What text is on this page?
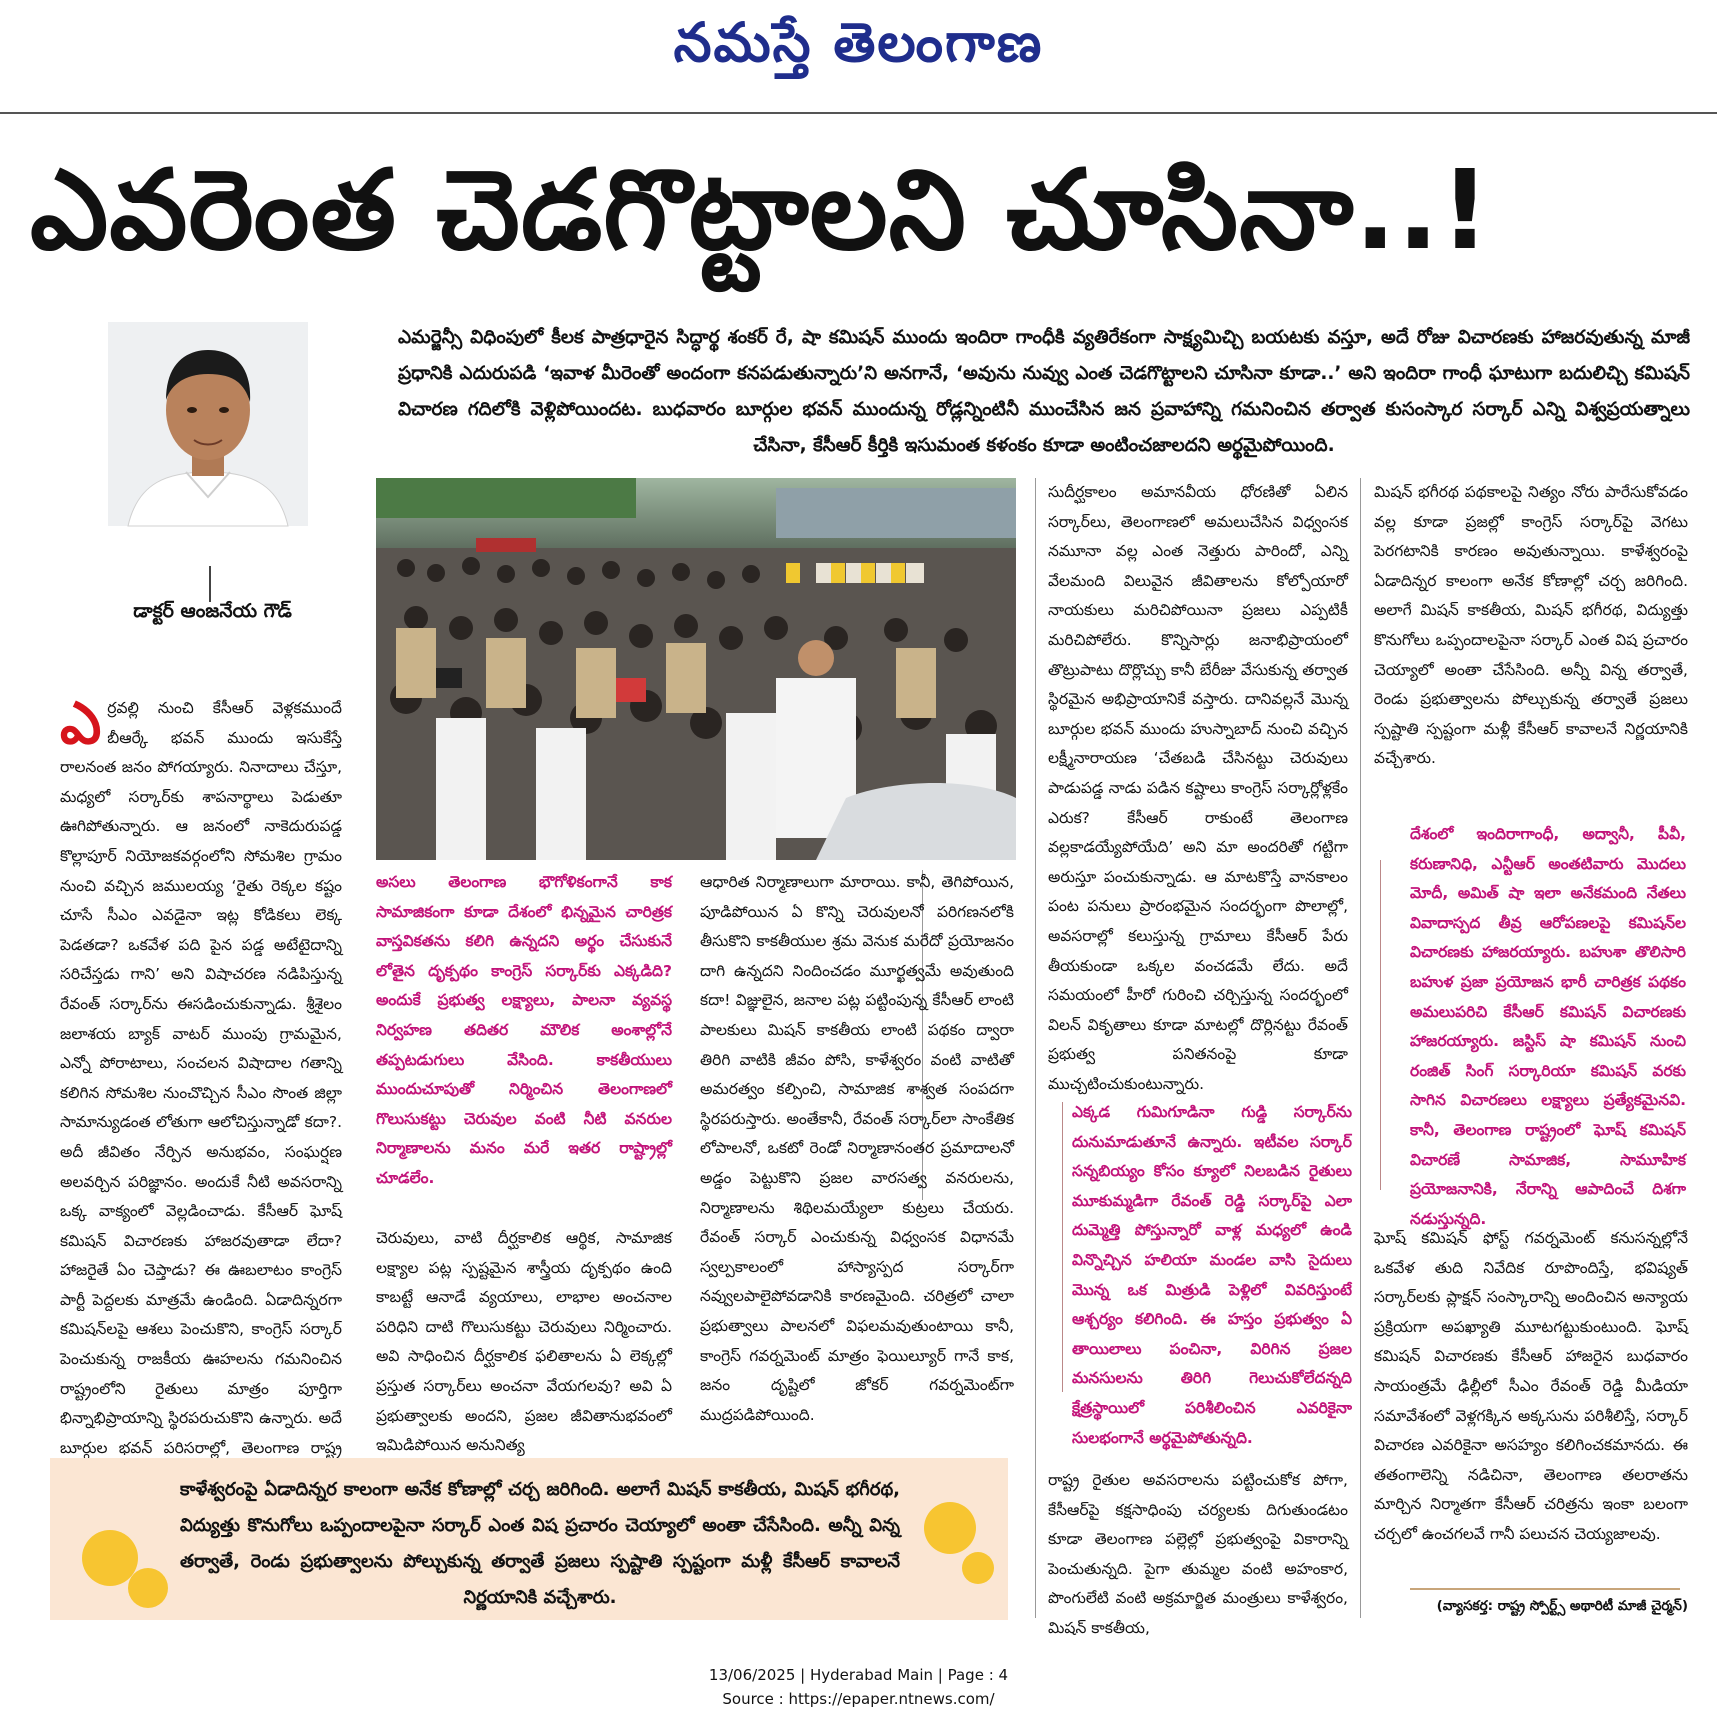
నమస్తే తెలంగాణ
ఎవరెంత చెడగొట్టాలని చూసినా..!
డాక్టర్ ఆంజనేయ గౌడ్
ఎమర్జెన్సీ విధింపులో కీలక పాత్రధారైన సిద్ధార్థ శంకర్ రే, షా కమిషన్ ముందు ఇందిరా గాంధీకి వ్యతిరేకంగా సాక్ష్యమిచ్చి బయటకు వస్తూ, అదే రోజు విచారణకు హాజరవుతున్న మాజీ ప్రధానికి ఎదురుపడి ‘ఇవాళ మీరెంతో అందంగా కనపడుతున్నారు’ని అనగానే, ‘అవును నువ్వు ఎంత చెడగొట్టాలని చూసినా కూడా..’ అని ఇందిరా గాంధీ ఘాటుగా బదులిచ్చి కమిషన్ విచారణ గదిలోకి వెళ్లిపోయిందట. బుధవారం బూర్గుల భవన్ ముందున్న రోడ్లన్నింటినీ ముంచేసిన జన ప్రవాహాన్ని గమనించిన తర్వాత కుసంస్కార సర్కార్ ఎన్ని విశ్వప్రయత్నాలు చేసినా, కేసీఆర్ కీర్తికి ఇసుమంత కళంకం కూడా అంటించజాలదని అర్థమైపోయింది.
ఎ ర్రవల్లి నుంచి కేసీఆర్ వెళ్లకముందే బీఆర్కే భవన్ ముందు ఇసుకేస్తే రాలనంత జనం పోగయ్యారు. నినాదాలు చేస్తూ, మధ్యలో సర్కార్‌కు శాపనార్థాలు పెడుతూ ఊగిపోతున్నారు. ఆ జనంలో నాకెదురుపడ్డ కొల్లాపూర్ నియోజకవర్గంలోని సోమశిల గ్రామం నుంచి వచ్చిన జములయ్య ‘రైతు రెక్కల కష్టం చూసే సీఎం ఎవడైనా ఇట్ల కోడికలు లెక్క పెడతడా? ఒకవేళ పది పైన పడ్డ అటేటైదాన్ని సరిచేస్తడు గాని’ అని విషాచరణ నడిపిస్తున్న రేవంత్ సర్కార్‌ను ఈసడించుకున్నాడు. శ్రీశైలం జలాశయ బ్యాక్ వాటర్ ముంపు గ్రామమైన, ఎన్నో పోరాటాలు, సంచలన విషాదాల గతాన్ని కలిగిన సోమశిల నుంచొచ్చిన సీఎం సొంత జిల్లా సామాన్యుడంత లోతుగా ఆలోచిస్తున్నాడో కదా?. అదీ జీవితం నేర్పిన అనుభవం, సంఘర్షణ అలవర్చిన పరిజ్ఞానం. అందుకే నీటి అవసరాన్ని ఒక్క వాక్యంలో వెల్లడించాడు. కేసీఆర్ ఘోష్ కమిషన్ విచారణకు హాజరవుతాడా లేదా? హాజరైతే ఏం చెప్తాడు? ఈ ఊబలాటం కాంగ్రెస్ పార్టీ పెద్దలకు మాత్రమే ఉండింది. ఏడాదిన్నరగా కమిషన్‌లపై ఆశలు పెంచుకొని, కాంగ్రెస్ సర్కార్ పెంచుకున్న రాజకీయ ఊహలను గమనించిన రాష్ట్రంలోని రైతులు మాత్రం పూర్తిగా భిన్నాభిప్రాయాన్ని స్థిరపరుచుకొని ఉన్నారు. అదే బూర్గుల భవన్ పరిసరాల్లో, తెలంగాణ రాష్ట్ర
అసలు తెలంగాణ భౌగోళికంగానే కాక సామాజికంగా కూడా దేశంలో భిన్నమైన చారిత్రక వాస్తవికతను కలిగి ఉన్నదని అర్థం చేసుకునే లోతైన దృక్పథం కాంగ్రెస్ సర్కార్‌కు ఎక్కడిది? అందుకే ప్రభుత్వ లక్ష్యాలు, పాలనా వ్యవస్థ నిర్వహణ తదితర మౌలిక అంశాల్లోనే తప్పటడుగులు వేసింది. కాకతీయులు ముందుచూపుతో నిర్మించిన తెలంగాణలో గొలుసుకట్టు చెరువుల వంటి నీటి వనరుల నిర్మాణాలను మనం మరే ఇతర రాష్ట్రాల్లో చూడలేం.
చెరువులు, వాటి దీర్ఘకాలిక ఆర్థిక, సామాజిక లక్ష్యాల పట్ల స్పష్టమైన శాస్త్రీయ దృక్పథం ఉంది కాబట్టే ఆనాడే వ్యయాలు, లాభాల అంచనాల పరిధిని దాటి గొలుసుకట్టు చెరువులు నిర్మించారు. అవి సాధించిన దీర్ఘకాలిక ఫలితాలను ఏ లెక్కల్లో ప్రస్తుత సర్కార్‌లు అంచనా వేయగలవు? అవి ఏ ప్రభుత్వాలకు అందని, ప్రజల జీవితానుభవంలో ఇమిడిపోయిన అనునిత్య
ఆధారిత నిర్మాణాలుగా మారాయి. కానీ, తెగిపోయిన, పూడిపోయిన ఏ కొన్ని చెరువులనో పరిగణనలోకి తీసుకొని కాకతీయుల శ్రమ వెనుక మరేదో ప్రయోజనం దాగి ఉన్నదని నిందించడం మూర్ఖత్వమే అవుతుంది కదా! విజ్ఞులైన, జనాల పట్ల పట్టింపున్న కేసీఆర్ లాంటి పాలకులు మిషన్ కాకతీయ లాంటి పథకం ద్వారా తిరిగి వాటికి జీవం పోసి, కాళేశ్వరం వంటి వాటితో అమరత్వం కల్పించి, సామాజిక శాశ్వత సంపదగా స్థిరపరుస్తారు. అంతేకానీ, రేవంత్ సర్కార్‌లా సాంకేతిక లోపాలనో, ఒకటో రెండో నిర్మాణానంతర ప్రమాదాలనో అడ్డం పెట్టుకొని ప్రజల వారసత్వ వనరులను, నిర్మాణాలను శిథిలమయ్యేలా కుట్రలు చేయరు. రేవంత్ సర్కార్ ఎంచుకున్న విధ్వంసక విధానమే స్వల్పకాలంలో హాస్యాస్పద సర్కార్‌గా నవ్వులపాలైపోవడానికి కారణమైంది. చరిత్రలో చాలా ప్రభుత్వాలు పాలనలో విఫలమవుతుంటాయి కానీ, కాంగ్రెస్ గవర్నమెంట్ మాత్రం ఫెయిల్యూర్ గానే కాక, జనం దృష్టిలో జోకర్ గవర్నమెంట్‌గా ముద్రపడిపోయింది.
సుదీర్ఘకాలం అమానవీయ ధోరణితో ఏలిన సర్కార్‌లు, తెలంగాణలో అమలుచేసిన విధ్వంసక నమూనా వల్ల ఎంత నెత్తురు పారిందో, ఎన్ని వేలమంది విలువైన జీవితాలను కోల్పోయారో నాయకులు మరిచిపోయినా ప్రజలు ఎప్పటికీ మరిచిపోలేరు. కొన్నిసార్లు జనాభిప్రాయంలో తొట్రుపాటు దొర్లొచ్చు కానీ బేరీజు వేసుకున్న తర్వాత స్థిరమైన అభిప్రాయానికే వస్తారు. దానివల్లనే మొన్న బూర్గుల భవన్ ముందు హుస్నాబాద్ నుంచి వచ్చిన లక్ష్మీనారాయణ ‘చేతబడి చేసినట్టు చెరువులు పాడుపడ్డ నాడు పడిన కష్టాలు కాంగ్రెస్ సర్కార్లోళ్లకేం ఎరుక? కేసీఆర్ రాకుంటే తెలంగాణ వల్లకాడయ్యేపోయేది’ అని మా అందరితో గట్టిగా అరుస్తూ పంచుకున్నాడు. ఆ మాటకొస్తే వానకాలం పంట పనులు ప్రారంభమైన సందర్భంగా పొలాల్లో, అవసరాల్లో కలుస్తున్న గ్రామాలు కేసీఆర్ పేరు తీయకుండా ఒక్కల వంచడమే లేదు. అదే సమయంలో హీరో గురించి చర్చిస్తున్న సందర్భంలో విలన్ వికృతాలు కూడా మాటల్లో దొర్లినట్టు రేవంత్ ప్రభుత్వ పనితనంపై కూడా ముచ్చటించుకుంటున్నారు.
ఎక్కడ గుమిగూడినా గుడ్డి సర్కార్‌ను దునుమాడుతూనే ఉన్నారు. ఇటీవల సర్కార్ సన్నబియ్యం కోసం క్యూలో నిలబడిన రైతులు మూకుమ్మడిగా రేవంత్ రెడ్డి సర్కార్‌పై ఎలా దుమ్మెత్తి పోస్తున్నారో వాళ్ల మధ్యలో ఉండి విన్నొచ్చిన హలియా మండల వాసి సైదులు మొన్న ఒక మిత్రుడి పెళ్లిలో వివరిస్తుంటే ఆశ్చర్యం కలిగింది. ఈ హస్తం ప్రభుత్వం ఏ తాయిలాలు పంచినా, విరిగిన ప్రజల మనసులను తిరిగి గెలుచుకోలేదన్నది క్షేత్రస్థాయిలో పరిశీలించిన ఎవరికైనా సులభంగానే అర్థమైపోతున్నది.
రాష్ట్ర రైతుల అవసరాలను పట్టించుకోక పోగా, కేసీఆర్‌పై కక్షసాధింపు చర్యలకు దిగుతుండటం కూడా తెలంగాణ పల్లెల్లో ప్రభుత్వంపై వికారాన్ని పెంచుతున్నది. పైగా తుమ్మల వంటి అహంకార, పొంగులేటి వంటి అక్రమార్జిత మంత్రులు కాళేశ్వరం, మిషన్ కాకతీయ,
మిషన్ భగీరథ పథకాలపై నిత్యం నోరు పారేసుకోవడం వల్ల కూడా ప్రజల్లో కాంగ్రెస్ సర్కార్‌పై వెగటు పెరగటానికి కారణం అవుతున్నాయి. కాళేశ్వరంపై ఏడాదిన్నర కాలంగా అనేక కోణాల్లో చర్చ జరిగింది. అలాగే మిషన్ కాకతీయ, మిషన్ భగీరథ, విద్యుత్తు కొనుగోలు ఒప్పందాలపైనా సర్కార్ ఎంత విష ప్రచారం చెయ్యాలో అంతా చేసేసింది. అన్నీ విన్న తర్వాతే, రెండు ప్రభుత్వాలను పోల్చుకున్న తర్వాతే ప్రజలు స్పష్టాతి స్పష్టంగా మళ్లీ కేసీఆర్ కావాలనే నిర్ణయానికి వచ్చేశారు.
దేశంలో ఇందిరాగాంధీ, అద్వానీ, పీవీ, కరుణానిధి, ఎన్టీఆర్ అంతటివారు మొదలు మోదీ, అమిత్ షా ఇలా అనేకమంది నేతలు వివాదాస్పద తీవ్ర ఆరోపణలపై కమిషన్‌ల విచారణకు హాజరయ్యారు. బహుశా తొలిసారి బహుళ ప్రజా ప్రయోజన భారీ చారిత్రక పథకం అమలుపరిచి కేసీఆర్ కమిషన్ విచారణకు హాజరయ్యారు. జస్టిస్ షా కమిషన్ నుంచి రంజిత్ సింగ్ సర్కారియా కమిషన్ వరకు సాగిన విచారణలు లక్ష్యాలు ప్రత్యేకమైనవి. కానీ, తెలంగాణ రాష్ట్రంలో ఘోష్ కమిషన్ విచారణే సామాజిక, సామూహిక ప్రయోజనానికి, నేరాన్ని ఆపాదించే దిశగా నడుస్తున్నది.
ఘోష్ కమిషన్ ఫోస్ట్ గవర్నమెంట్ కనుసన్నల్లోనే ఒకవేళ తుది నివేదిక రూపొందిస్తే, భవిష్యత్ సర్కార్‌లకు ప్లాక్షన్ సంస్కారాన్ని అందించిన అన్యాయ ప్రక్రియగా అపఖ్యాతి మూటగట్టుకుంటుంది. ఘోష్ కమిషన్ విచారణకు కేసీఆర్ హాజరైన బుధవారం సాయంత్రమే ఢిల్లీలో సీఎం రేవంత్ రెడ్డి మీడియా సమావేశంలో వెళ్లగక్కిన అక్కసును పరిశీలిస్తే, సర్కార్ విచారణ ఎవరికైనా అసహ్యం కలిగించకమానదు. ఈ తతంగాలెన్ని నడిచినా, తెలంగాణ తలరాతను మార్చిన నిర్మాతగా కేసీఆర్ చరిత్రను ఇంకా బలంగా చర్చలో ఉంచగలవే గానీ పలుచన చెయ్యజాలవు.
కాళేశ్వరంపై ఏడాదిన్నర కాలంగా అనేక కోణాల్లో చర్చ జరిగింది. అలాగే మిషన్ కాకతీయ, మిషన్ భగీరథ, విద్యుత్తు కొనుగోలు ఒప్పందాలపైనా సర్కార్ ఎంత విష ప్రచారం చెయ్యాలో అంతా చేసేసింది. అన్నీ విన్న తర్వాతే, రెండు ప్రభుత్వాలను పోల్చుకున్న తర్వాతే ప్రజలు స్పష్టాతి స్పష్టంగా మళ్లీ కేసీఆర్ కావాలనే నిర్ణయానికి వచ్చేశారు.	(వ్యాసకర్త: రాష్ట్ర స్పోర్ట్స్ అథారిటీ మాజీ చైర్మన్)
13/06/2025 | Hyderabad Main | Page : 4
Source : https://epaper.ntnews.com/
